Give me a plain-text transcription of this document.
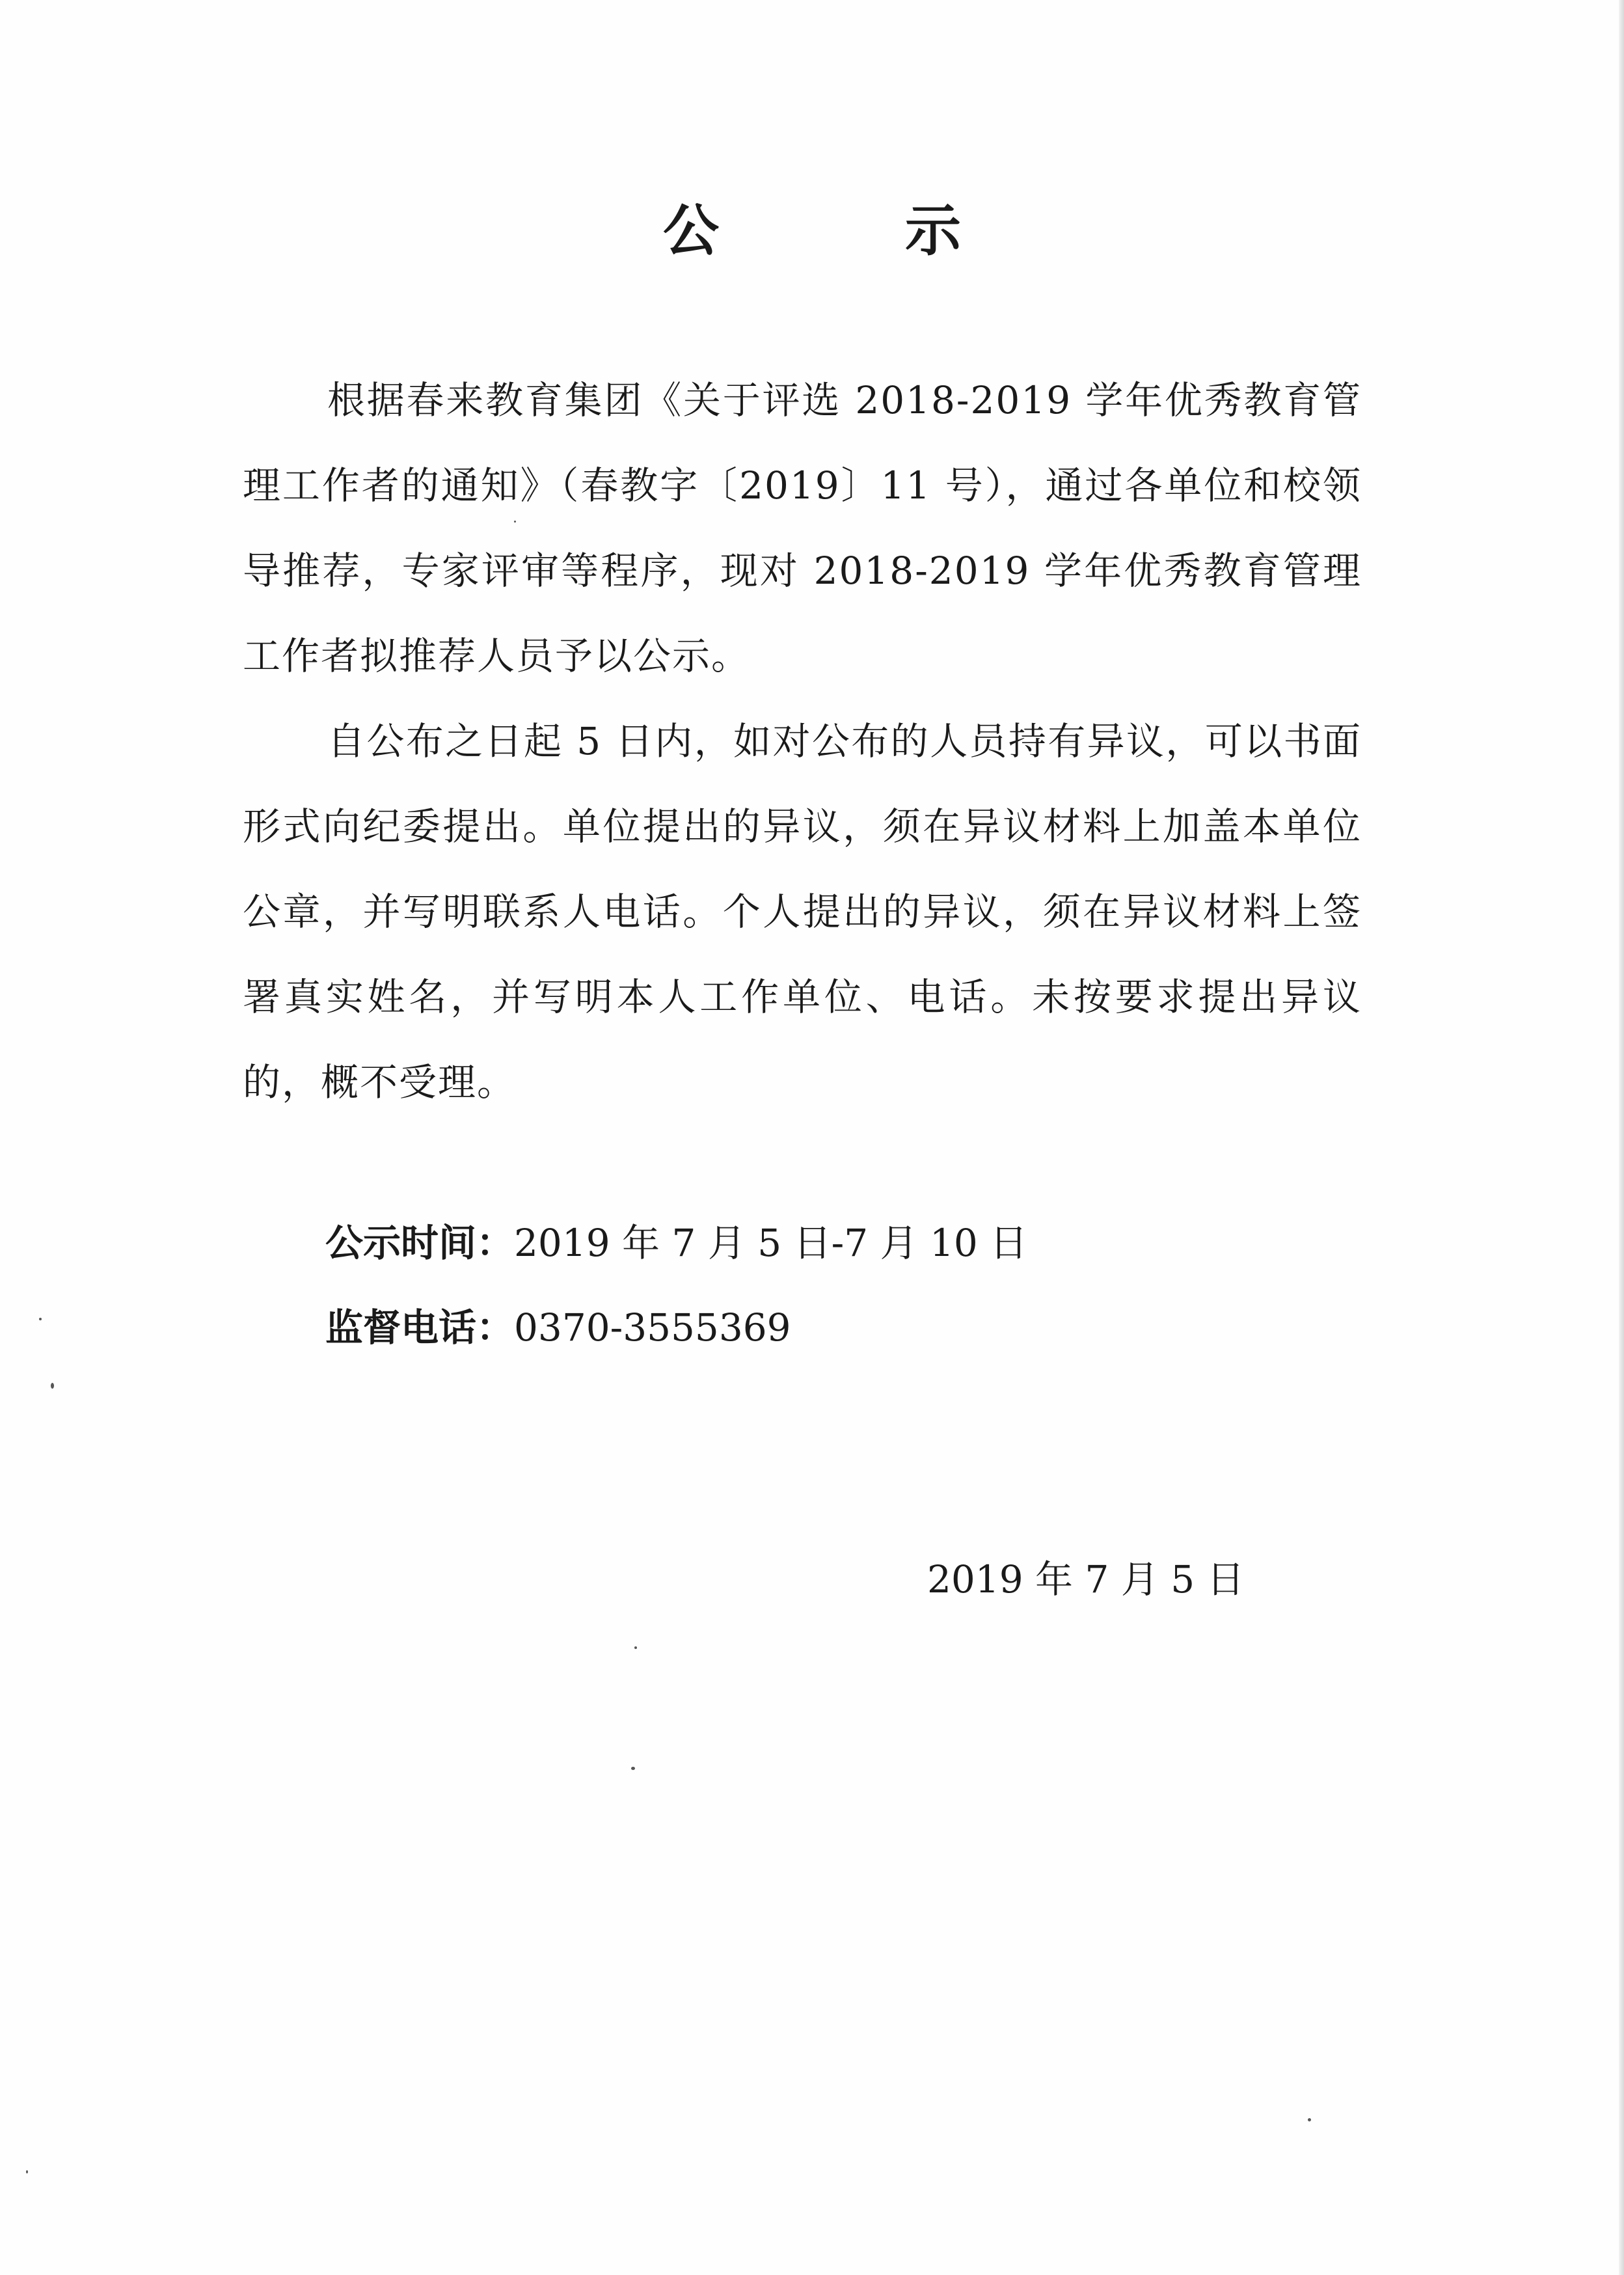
公　示

根据春来教育集团《关于评选 2018-2019 学年优秀教育管理工作者的通知》（春教字〔2019〕11 号），通过各单位和校领导推荐，专家评审等程序，现对 2018-2019 学年优秀教育管理工作者拟推荐人员予以公示。

自公布之日起 5 日内，如对公布的人员持有异议，可以书面形式向纪委提出。单位提出的异议，须在异议材料上加盖本单位公章，并写明联系人电话。个人提出的异议，须在异议材料上签署真实姓名，并写明本人工作单位、电话。未按要求提出异议的，概不受理。

公示时间：2019 年 7 月 5 日-7 月 10 日
监督电话：0370-3555369
2019 年 7 月 5 日
